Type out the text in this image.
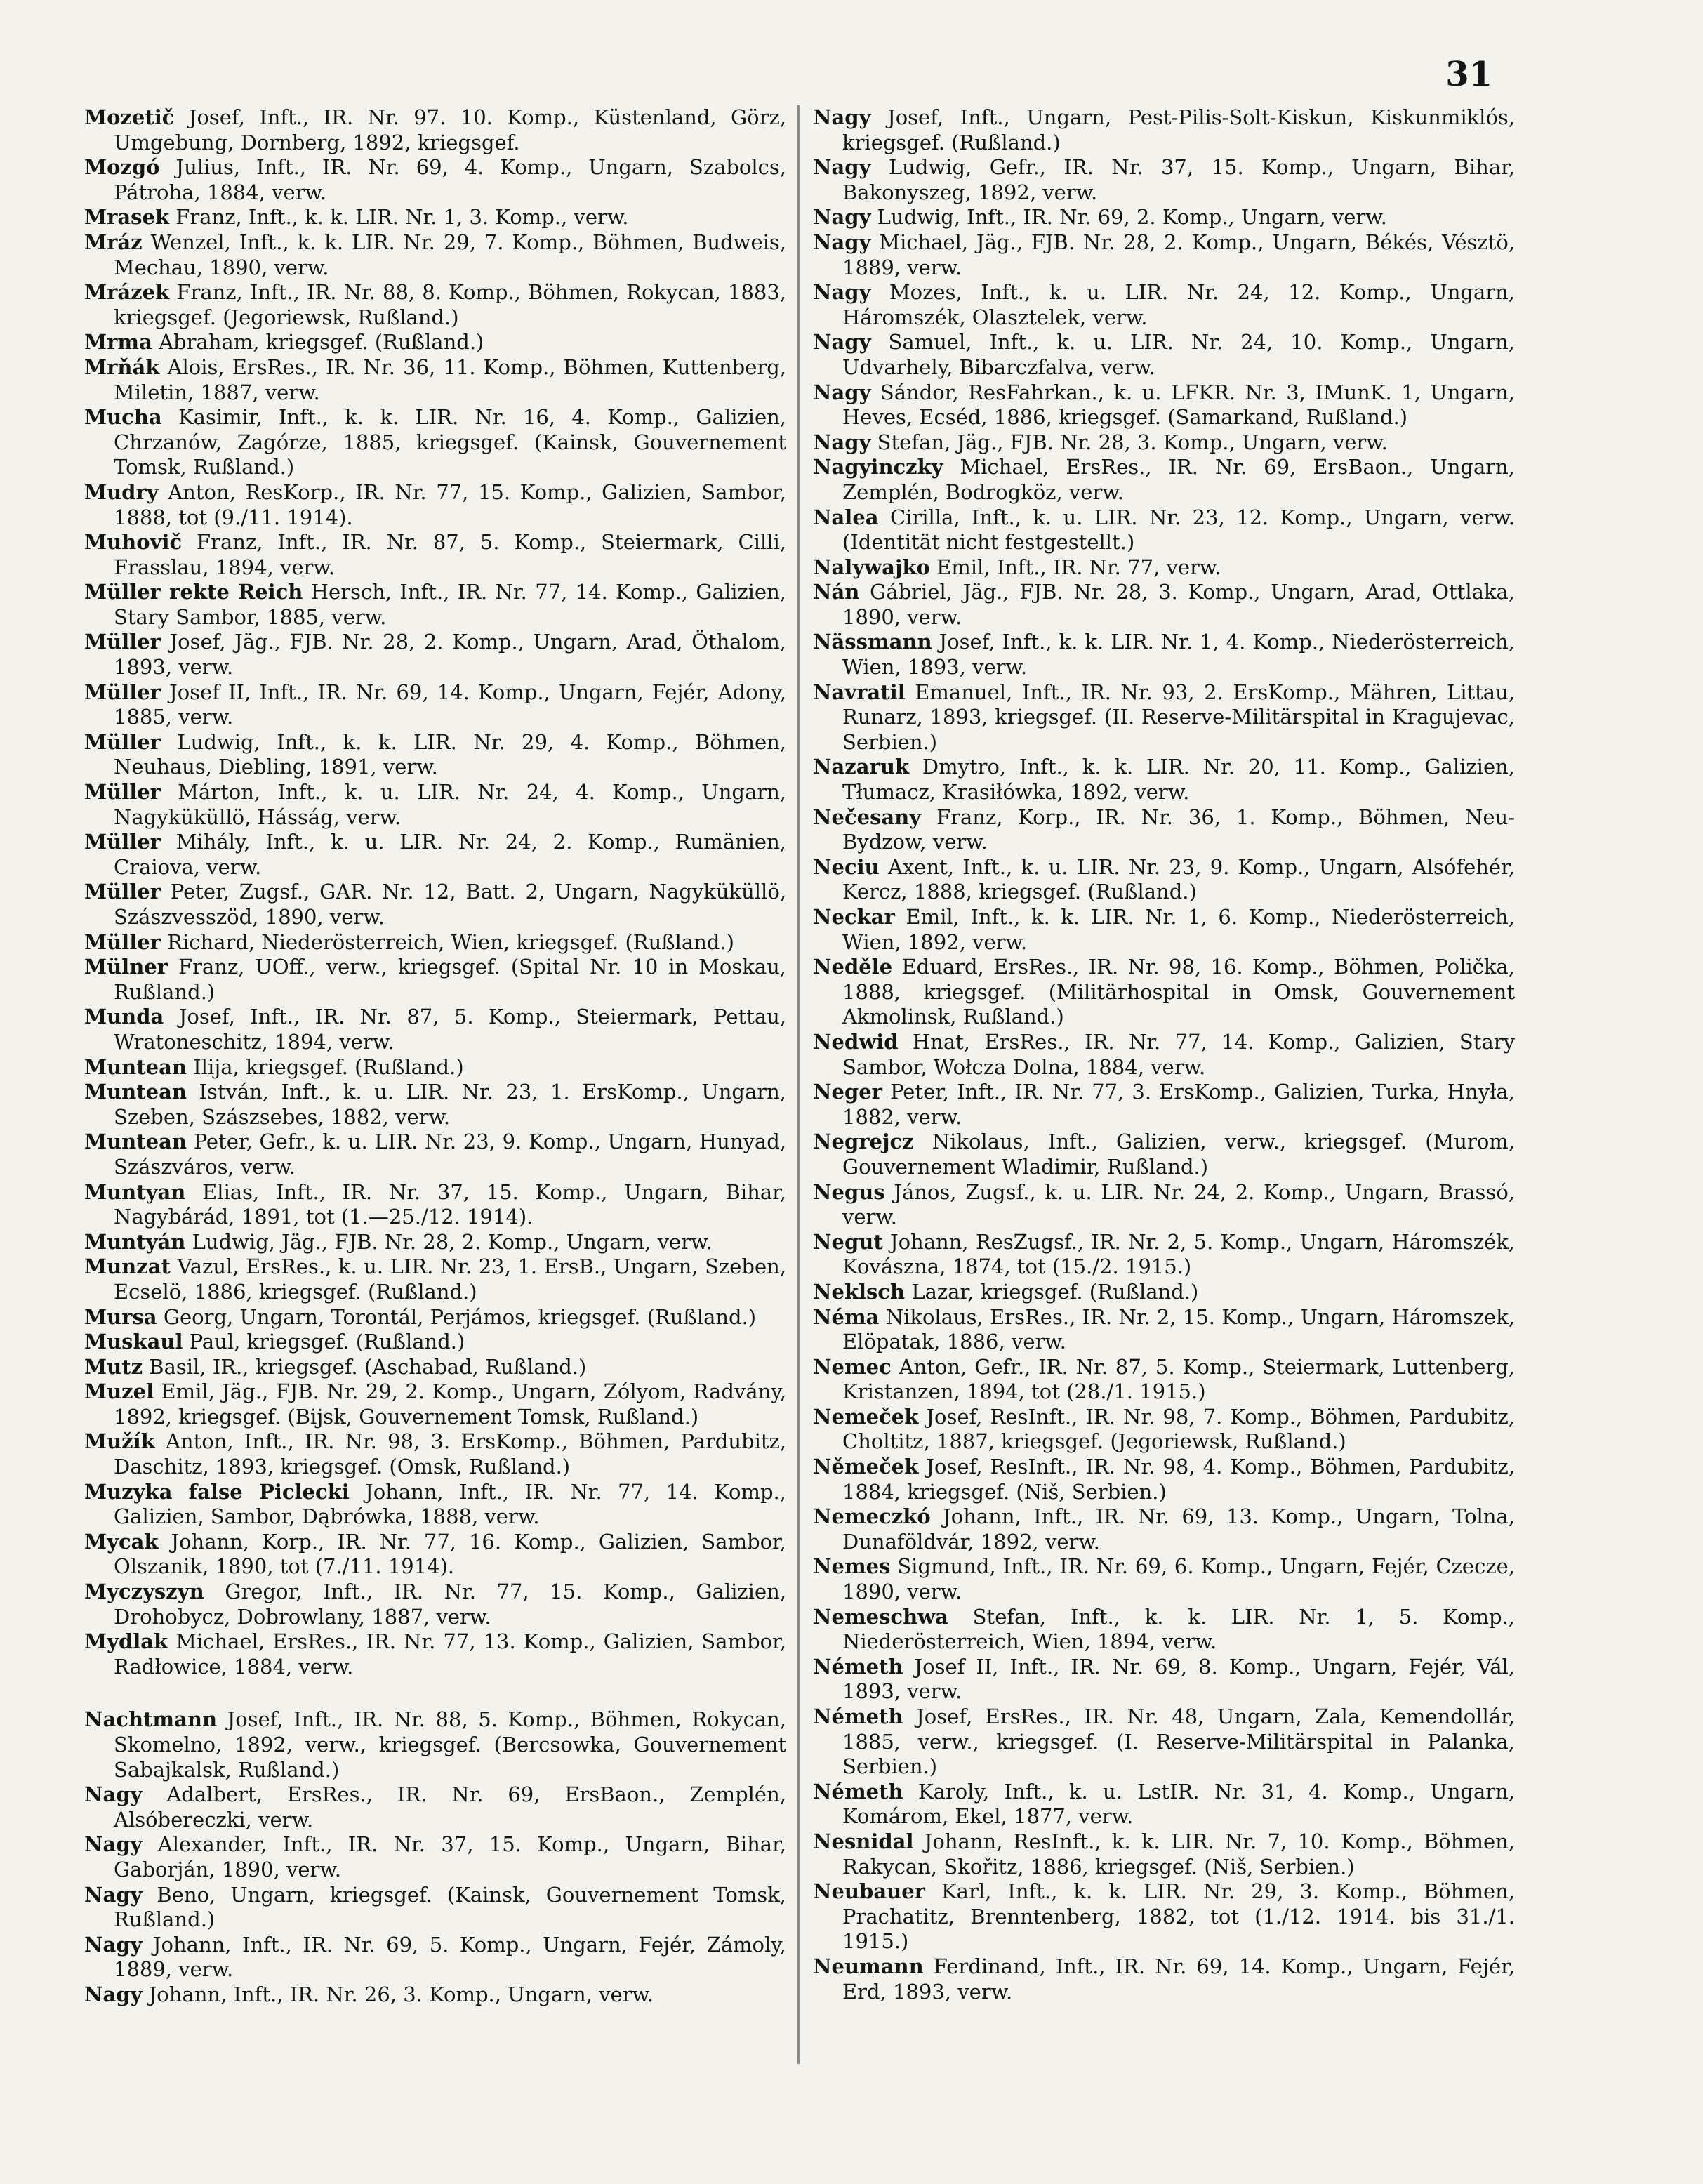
31

Mozetič Josef, Inft., IR. Nr. 97. 10. Komp., Küstenland, Görz, Umgebung, Dornberg, 1892, kriegsgef.

Mozgó Julius, Inft., IR. Nr. 69, 4. Komp., Ungarn, Szabolcs, Pátroha, 1884, verw.

Mrasek Franz, Inft., k. k. LIR. Nr. 1, 3. Komp., verw.

Mráz Wenzel, Inft., k. k. LIR. Nr. 29, 7. Komp., Böhmen, Budweis, Mechau, 1890, verw.

Mrázek Franz, Inft., IR. Nr. 88, 8. Komp., Böhmen, Rokycan, 1883, kriegsgef. (Jegoriewsk, Rußland.)

Mrma Abraham, kriegsgef. (Rußland.)

Mrňák Alois, ErsRes., IR. Nr. 36, 11. Komp., Böhmen, Kuttenberg, Miletin, 1887, verw.

Mucha Kasimir, Inft., k. k. LIR. Nr. 16, 4. Komp., Galizien, Chrzanów, Zagórze, 1885, kriegsgef. (Kainsk, Gouvernement Tomsk, Rußland.)

Mudry Anton, ResKorp., IR. Nr. 77, 15. Komp., Galizien, Sambor, 1888, tot (9./11. 1914).

Muhovič Franz, Inft., IR. Nr. 87, 5. Komp., Steiermark, Cilli, Frasslau, 1894, verw.

Müller rekte Reich Hersch, Inft., IR. Nr. 77, 14. Komp., Galizien, Stary Sambor, 1885, verw.

Müller Josef, Jäg., FJB. Nr. 28, 2. Komp., Ungarn, Arad, Öthalom, 1893, verw.

Müller Josef II, Inft., IR. Nr. 69, 14. Komp., Ungarn, Fejér, Adony, 1885, verw.

Müller Ludwig, Inft., k. k. LIR. Nr. 29, 4. Komp., Böhmen, Neuhaus, Diebling, 1891, verw.

Müller Márton, Inft., k. u. LIR. Nr. 24, 4. Komp., Ungarn, Nagyküküllö, Hásság, verw.

Müller Mihály, Inft., k. u. LIR. Nr. 24, 2. Komp., Rumänien, Craiova, verw.

Müller Peter, Zugsf., GAR. Nr. 12, Batt. 2, Ungarn, Nagyküküllö, Szászvesszöd, 1890, verw.

Müller Richard, Niederösterreich, Wien, kriegsgef. (Rußland.)

Mülner Franz, UOff., verw., kriegsgef. (Spital Nr. 10 in Moskau, Rußland.)

Munda Josef, Inft., IR. Nr. 87, 5. Komp., Steiermark, Pettau, Wratoneschitz, 1894, verw.

Muntean Ilija, kriegsgef. (Rußland.)

Muntean István, Inft., k. u. LIR. Nr. 23, 1. ErsKomp., Ungarn, Szeben, Szászsebes, 1882, verw.

Muntean Peter, Gefr., k. u. LIR. Nr. 23, 9. Komp., Ungarn, Hunyad, Szászváros, verw.

Muntyan Elias, Inft., IR. Nr. 37, 15. Komp., Ungarn, Bihar, Nagybárád, 1891, tot (1.—25./12. 1914).

Muntyán Ludwig, Jäg., FJB. Nr. 28, 2. Komp., Ungarn, verw.

Munzat Vazul, ErsRes., k. u. LIR. Nr. 23, 1. ErsB., Ungarn, Szeben, Ecselö, 1886, kriegsgef. (Rußland.)

Mursa Georg, Ungarn, Torontál, Perjámos, kriegsgef. (Rußland.)

Muskaul Paul, kriegsgef. (Rußland.)

Mutz Basil, IR., kriegsgef. (Aschabad, Rußland.)

Muzel Emil, Jäg., FJB. Nr. 29, 2. Komp., Ungarn, Zólyom, Radvány, 1892, kriegsgef. (Bijsk, Gouvernement Tomsk, Rußland.)

Mužík Anton, Inft., IR. Nr. 98, 3. ErsKomp., Böhmen, Pardubitz, Daschitz, 1893, kriegsgef. (Omsk, Rußland.)

Muzyka false Piclecki Johann, Inft., IR. Nr. 77, 14. Komp., Galizien, Sambor, Dąbrówka, 1888, verw.

Mycak Johann, Korp., IR. Nr. 77, 16. Komp., Galizien, Sambor, Olszanik, 1890, tot (7./11. 1914).

Myczyszyn Gregor, Inft., IR. Nr. 77, 15. Komp., Galizien, Drohobycz, Dobrowlany, 1887, verw.

Mydlak Michael, ErsRes., IR. Nr. 77, 13. Komp., Galizien, Sambor, Radłowice, 1884, verw.

Nachtmann Josef, Inft., IR. Nr. 88, 5. Komp., Böhmen, Rokycan, Skomelno, 1892, verw., kriegsgef. (Bercsowka, Gouvernement Sabajkalsk, Rußland.)

Nagy Adalbert, ErsRes., IR. Nr. 69, ErsBaon., Zemplén, Alsóbereczki, verw.

Nagy Alexander, Inft., IR. Nr. 37, 15. Komp., Ungarn, Bihar, Gaborján, 1890, verw.

Nagy Beno, Ungarn, kriegsgef. (Kainsk, Gouvernement Tomsk, Rußland.)

Nagy Johann, Inft., IR. Nr. 69, 5. Komp., Ungarn, Fejér, Zámoly, 1889, verw.

Nagy Johann, Inft., IR. Nr. 26, 3. Komp., Ungarn, verw.

Nagy Josef, Inft., Ungarn, Pest-Pilis-Solt-Kiskun, Kiskunmiklós, kriegsgef. (Rußland.)

Nagy Ludwig, Gefr., IR. Nr. 37, 15. Komp., Ungarn, Bihar, Bakonyszeg, 1892, verw.

Nagy Ludwig, Inft., IR. Nr. 69, 2. Komp., Ungarn, verw.

Nagy Michael, Jäg., FJB. Nr. 28, 2. Komp., Ungarn, Békés, Vésztö, 1889, verw.

Nagy Mozes, Inft., k. u. LIR. Nr. 24, 12. Komp., Ungarn, Háromszék, Olasztelek, verw.

Nagy Samuel, Inft., k. u. LIR. Nr. 24, 10. Komp., Ungarn, Udvarhely, Bibarczfalva, verw.

Nagy Sándor, ResFahrkan., k. u. LFKR. Nr. 3, IMunK. 1, Ungarn, Heves, Ecséd, 1886, kriegsgef. (Samarkand, Rußland.)

Nagy Stefan, Jäg., FJB. Nr. 28, 3. Komp., Ungarn, verw.

Nagyinczky Michael, ErsRes., IR. Nr. 69, ErsBaon., Ungarn, Zemplén, Bodrogköz, verw.

Nalea Cirilla, Inft., k. u. LIR. Nr. 23, 12. Komp., Ungarn, verw. (Identität nicht festgestellt.)

Nalywajko Emil, Inft., IR. Nr. 77, verw.

Nán Gábriel, Jäg., FJB. Nr. 28, 3. Komp., Ungarn, Arad, Ottlaka, 1890, verw.

Nässmann Josef, Inft., k. k. LIR. Nr. 1, 4. Komp., Niederösterreich, Wien, 1893, verw.

Navratil Emanuel, Inft., IR. Nr. 93, 2. ErsKomp., Mähren, Littau, Runarz, 1893, kriegsgef. (II. Reserve-Militärspital in Kragujevac, Serbien.)

Nazaruk Dmytro, Inft., k. k. LIR. Nr. 20, 11. Komp., Galizien, Tłumacz, Krasiłówka, 1892, verw.

Nečesany Franz, Korp., IR. Nr. 36, 1. Komp., Böhmen, Neu-Bydzow, verw.

Neciu Axent, Inft., k. u. LIR. Nr. 23, 9. Komp., Ungarn, Alsófehér, Kercz, 1888, kriegsgef. (Rußland.)

Neckar Emil, Inft., k. k. LIR. Nr. 1, 6. Komp., Niederösterreich, Wien, 1892, verw.

Neděle Eduard, ErsRes., IR. Nr. 98, 16. Komp., Böhmen, Polička, 1888, kriegsgef. (Militärhospital in Omsk, Gouvernement Akmolinsk, Rußland.)

Nedwid Hnat, ErsRes., IR. Nr. 77, 14. Komp., Galizien, Stary Sambor, Wołcza Dolna, 1884, verw.

Neger Peter, Inft., IR. Nr. 77, 3. ErsKomp., Galizien, Turka, Hnyła, 1882, verw.

Negrejcz Nikolaus, Inft., Galizien, verw., kriegsgef. (Murom, Gouvernement Wladimir, Rußland.)

Negus János, Zugsf., k. u. LIR. Nr. 24, 2. Komp., Ungarn, Brassó, verw.

Negut Johann, ResZugsf., IR. Nr. 2, 5. Komp., Ungarn, Háromszék, Kovászna, 1874, tot (15./2. 1915.)

Neklsch Lazar, kriegsgef. (Rußland.)

Néma Nikolaus, ErsRes., IR. Nr. 2, 15. Komp., Ungarn, Háromszek, Elöpatak, 1886, verw.

Nemec Anton, Gefr., IR. Nr. 87, 5. Komp., Steiermark, Luttenberg, Kristanzen, 1894, tot (28./1. 1915.)

Nemeček Josef, ResInft., IR. Nr. 98, 7. Komp., Böhmen, Pardubitz, Choltitz, 1887, kriegsgef. (Jegoriewsk, Rußland.)

Němeček Josef, ResInft., IR. Nr. 98, 4. Komp., Böhmen, Pardubitz, 1884, kriegsgef. (Niš, Serbien.)

Nemeczkó Johann, Inft., IR. Nr. 69, 13. Komp., Ungarn, Tolna, Dunaföldvár, 1892, verw.

Nemes Sigmund, Inft., IR. Nr. 69, 6. Komp., Ungarn, Fejér, Czecze, 1890, verw.

Nemeschwa Stefan, Inft., k. k. LIR. Nr. 1, 5. Komp., Niederösterreich, Wien, 1894, verw.

Németh Josef II, Inft., IR. Nr. 69, 8. Komp., Ungarn, Fejér, Vál, 1893, verw.

Németh Josef, ErsRes., IR. Nr. 48, Ungarn, Zala, Kemendollár, 1885, verw., kriegsgef. (I. Reserve-Militärspital in Palanka, Serbien.)

Németh Karoly, Inft., k. u. LstIR. Nr. 31, 4. Komp., Ungarn, Komárom, Ekel, 1877, verw.

Nesnidal Johann, ResInft., k. k. LIR. Nr. 7, 10. Komp., Böhmen, Rakycan, Skořitz, 1886, kriegsgef. (Niš, Serbien.)

Neubauer Karl, Inft., k. k. LIR. Nr. 29, 3. Komp., Böhmen, Prachatitz, Brenntenberg, 1882, tot (1./12. 1914. bis 31./1. 1915.)

Neumann Ferdinand, Inft., IR. Nr. 69, 14. Komp., Ungarn, Fejér, Erd, 1893, verw.
